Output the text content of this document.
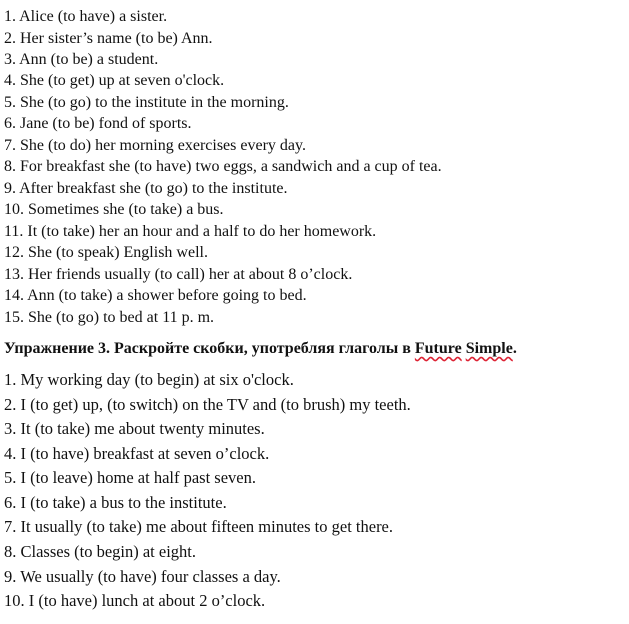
1. Alice (to have) a sister.
2. Her sister’s name (to be) Ann.
3. Ann (to be) a student.
4. She (to get) up at seven o'clock.
5. She (to go) to the institute in the morning.
6. Jane (to be) fond of sports.
7. She (to do) her morning exercises every day.
8. For breakfast she (to have) two eggs, a sandwich and a cup of tea.
9. After breakfast she (to go) to the institute.
10. Sometimes she (to take) a bus.
11. It (to take) her an hour and a half to do her homework.
12. She (to speak) English well.
13. Her friends usually (to call) her at about 8 o’clock.
14. Ann (to take) a shower before going to bed.
15. She (to go) to bed at 11 p. m.
Упражнение 3. Раскройте скобки, употребляя глаголы в Future Simple.
1. My working day (to begin) at six o'clock.
2. I (to get) up, (to switch) on the TV and (to brush) my teeth.
3. It (to take) me about twenty minutes.
4. I (to have) breakfast at seven o’clock.
5. I (to leave) home at half past seven.
6. I (to take) a bus to the institute.
7. It usually (to take) me about fifteen minutes to get there.
8. Classes (to begin) at eight.
9. We usually (to have) four classes a day.
10. I (to have) lunch at about 2 o’clock.
